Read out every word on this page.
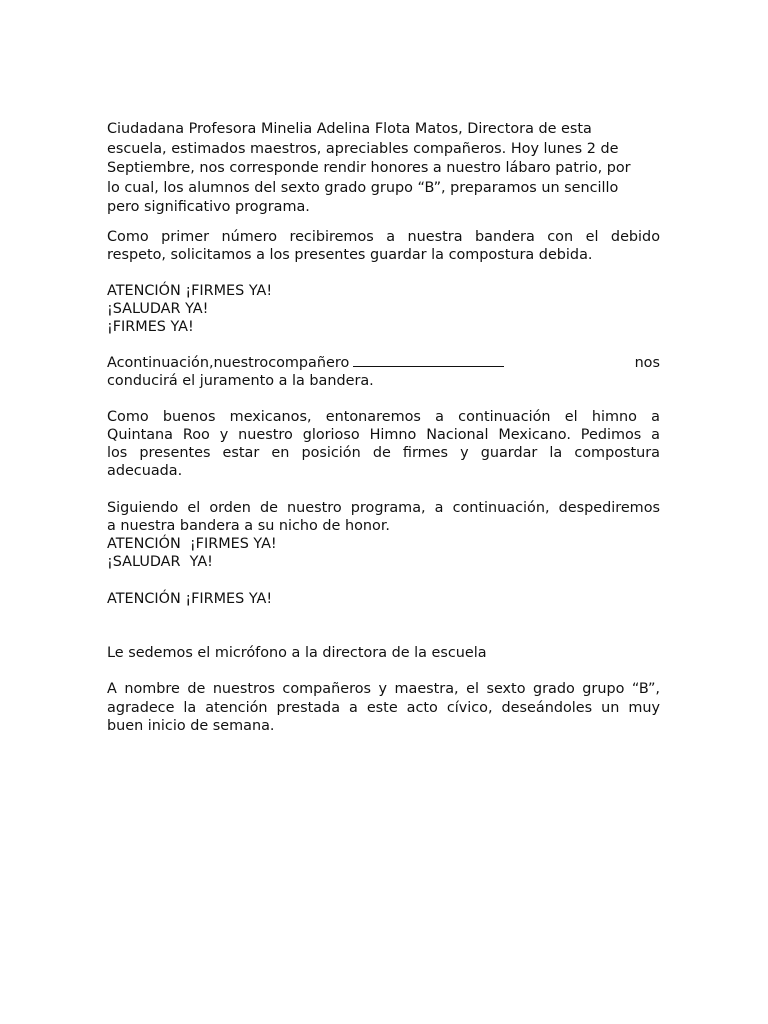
Ciudadana Profesora Minelia Adelina Flota Matos, Directora de esta
escuela, estimados maestros, apreciables compañeros. Hoy lunes 2 de
Septiembre, nos corresponde rendir honores a nuestro lábaro patrio, por
lo cual, los alumnos del sexto grado grupo “B”, preparamos un sencillo
pero significativo programa.
Como primer número recibiremos a nuestra bandera con el debido
respeto, solicitamos a los presentes guardar la compostura debida.
ATENCIÓN ¡FIRMES YA!
¡SALUDAR YA!
¡FIRMES YA!
Acontinuación, nuestro compañero	nos
conducirá el juramento a la bandera.
Como buenos mexicanos, entonaremos a continuación el himno a
Quintana Roo y nuestro glorioso Himno Nacional Mexicano. Pedimos a
los presentes estar en posición de firmes y guardar la compostura
adecuada.
Siguiendo el orden de nuestro programa, a continuación, despediremos
a nuestra bandera a su nicho de honor.
ATENCIÓN  ¡FIRMES YA!
¡SALUDAR  YA!
ATENCIÓN ¡FIRMES YA!
Le sedemos el micrófono a la directora de la escuela
A nombre de nuestros compañeros y maestra, el sexto grado grupo “B”,
agradece la atención prestada a este acto cívico, deseándoles un muy
buen inicio de semana.
